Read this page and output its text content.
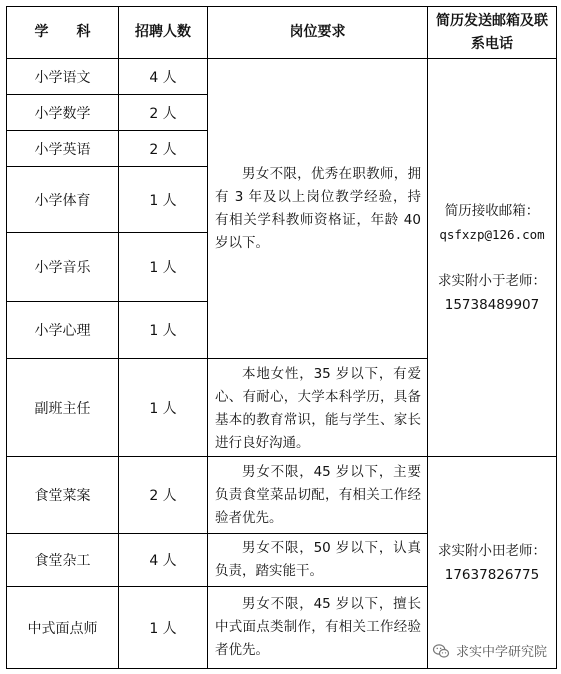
学　　科	招聘人数	岗位要求	简历发送邮箱及联系电话
小学语文	4 人	男女不限，优秀在职教师，拥有 3 年及以上岗位教学经验，持有相关学科教师资格证，年龄 40 岁以下。	简历接收邮箱：
qsfxzp@126.com
求实附小于老师：
15738489907

小学数学	2 人		
小学英语	2 人		
小学体育	1 人		
小学音乐	1 人		
小学心理	1 人		
副班主任	1 人	本地女性，35 岁以下，有爱心、有耐心，大学本科学历，具备基本的教育常识，能与学生、家长进行良好沟通。	
食堂菜案	2 人	男女不限，45 岁以下，主要负责食堂菜品切配，有相关工作经验者优先。	求实附小田老师：
17637826775

食堂杂工	4 人	男女不限，50 岁以下，认真负责，踏实能干。	
中式面点师	1 人	男女不限，45 岁以下，擅长中式面点类制作，有相关工作经验者优先。		求实中学研究院
